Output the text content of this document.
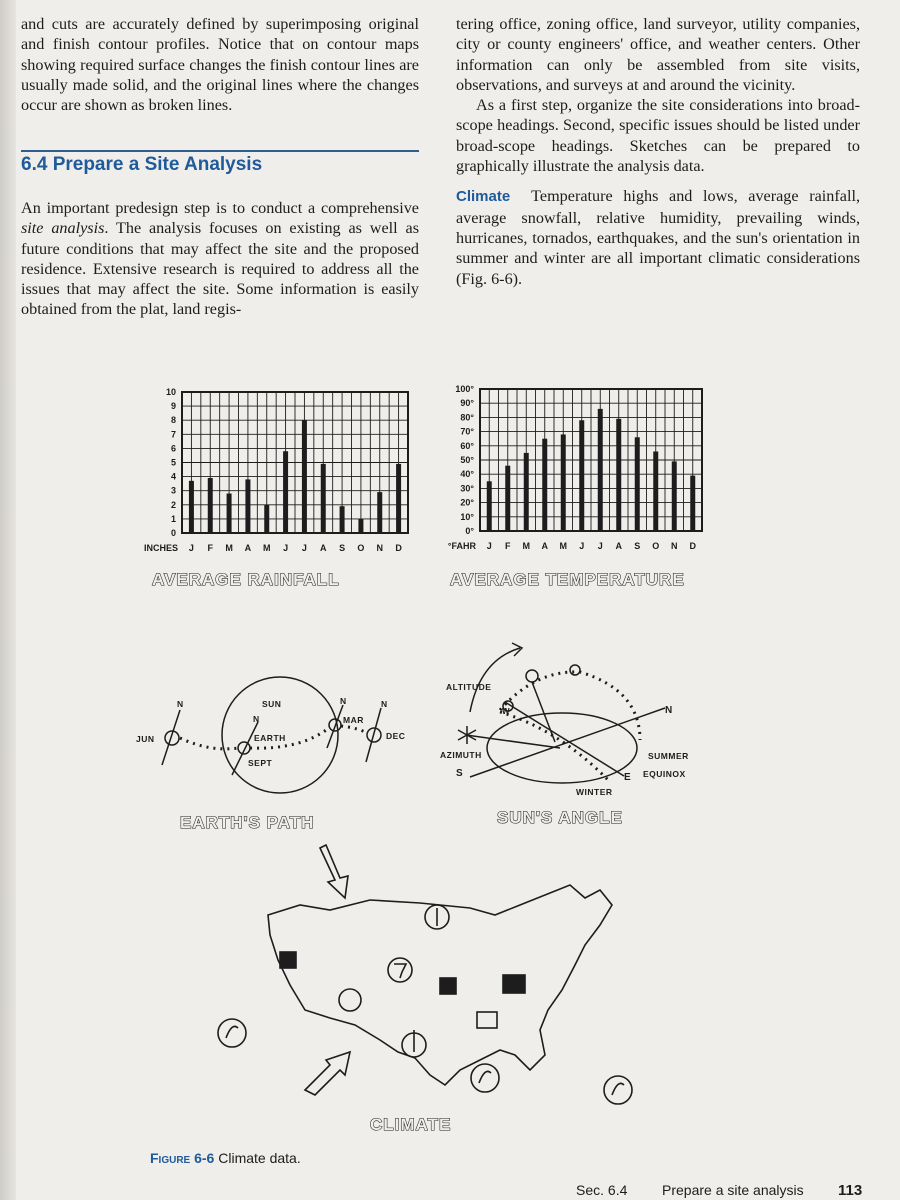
and cuts are accurately defined by superimposing original and finish contour profiles. Notice that on contour maps showing required surface changes the finish contour lines are usually made solid, and the original lines where the changes occur are shown as broken lines.

6.4 Prepare a Site Analysis

An important predesign step is to conduct a comprehensive site analysis. The analysis focuses on existing as well as future conditions that may affect the site and the proposed residence. Extensive research is required to address all the issues that may affect the site. Some information is easily obtained from the plat, land regis-

tering office, zoning office, land surveyor, utility companies, city or county engineers' office, and weather centers. Other information can only be assembled from site visits, observations, and surveys at and around the vicinity.

As a first step, organize the site considerations into broad-scope headings. Second, specific issues should be listed under broad-scope headings. Sketches can be prepared to graphically illustrate the analysis data.

Climate Temperature highs and lows, average rainfall, average snowfall, relative humidity, prevailing winds, hurricanes, tornados, earthquakes, and the sun's orientation in summer and winter are all important climatic considerations (Fig. 6-6).

J F M A M J J A S O N D
0
1
2
3
4
5
6
7
8
9
10
INCHES	J F M A M J J A S O N D
0°
10°
20°
30°
40°
50°
60°
70°
80°
90°
100°
°FAHR
AVERAGE RAINFALL	AVERAGE TEMPERATURE
SUN
EARTH
JUN
MAR
DEC
SEPT
N
N
N	N
EARTH'S PATH
ALTITUDE
AZIMUTH	SUMMER
EQUINOX
WINTER
N
S	E
W
SUN'S ANGLE
CLIMATE
Figure 6-6 Climate data.
Sec. 6.4 Prepare a site analysis 113
